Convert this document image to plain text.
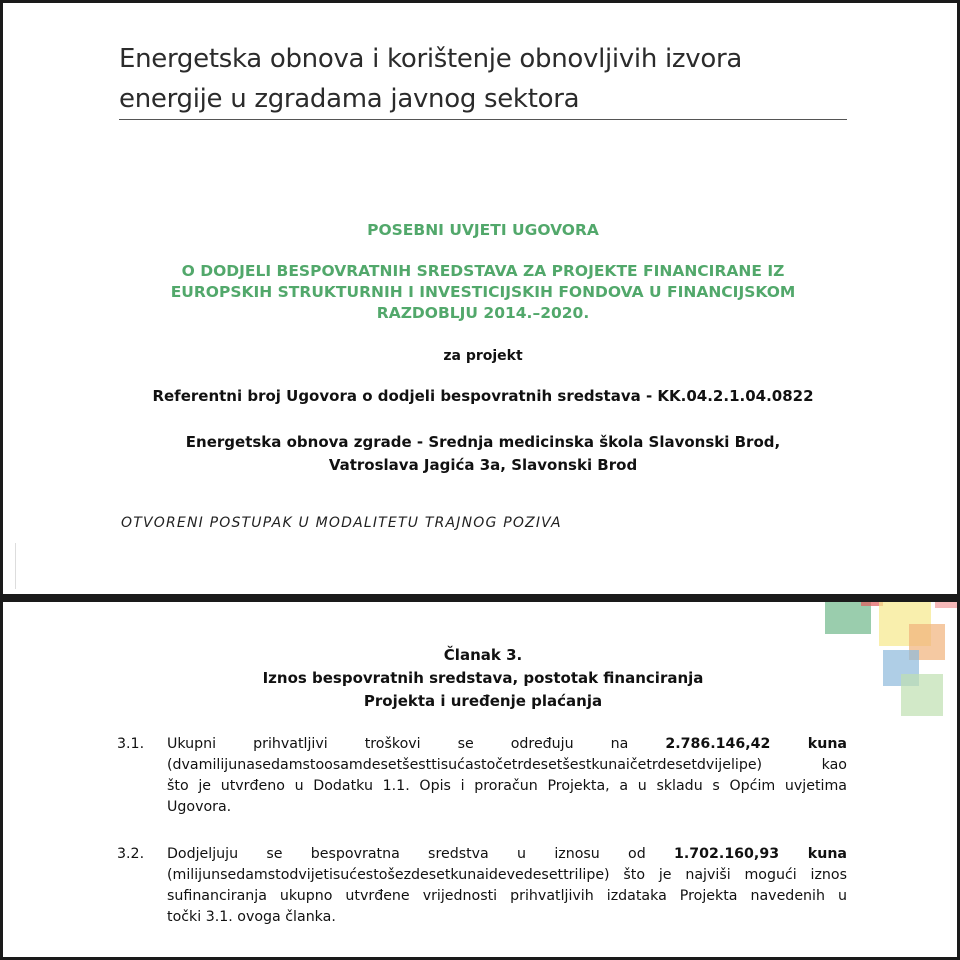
Energetska obnova i korištenje obnovljivih izvora energije u zgradama javnog sektora
POSEBNI UVJETI UGOVORA
O DODJELI BESPOVRATNIH SREDSTAVA ZA PROJEKTE FINANCIRANE IZ
EUROPSKIH STRUKTURNIH I INVESTICIJSKIH FONDOVA U FINANCIJSKOM
RAZDOBLJU 2014.–2020.
za projekt
Referentni broj Ugovora o dodjeli bespovratnih sredstava - KK.04.2.1.04.0822
Energetska obnova zgrade - Srednja medicinska škola Slavonski Brod,
Vatroslava Jagića 3a, Slavonski Brod
OTVORENI POSTUPAK U MODALITETU TRAJNOG POZIVA
Članak 3.
Iznos bespovratnih sredstava, postotak financiranja
Projekta i uređenje plaćanja
3.1.	Ukupni prihvatljivi troškovi se određuju na	2.786.146,42 kuna
(dvamilijunasedamstoosamdesetšesttisućastočetrdesetšestkunaičetrdesetdvijelipe) kao
što je utvrđeno u Dodatku 1.1. Opis i proračun Projekta, a u skladu s Općim uvjetima
Ugovora.
3.2.	Dodjeljuju se bespovratna sredstva u iznosu od 1.702.160,93 kuna
(milijunsedamstodvijetisućestošezdesetkunaidevedesettrilipe) što je najviši mogući iznos
sufinanciranja ukupno utvrđene vrijednosti prihvatljivih izdataka Projekta navedenih u
točki 3.1. ovoga članka.
